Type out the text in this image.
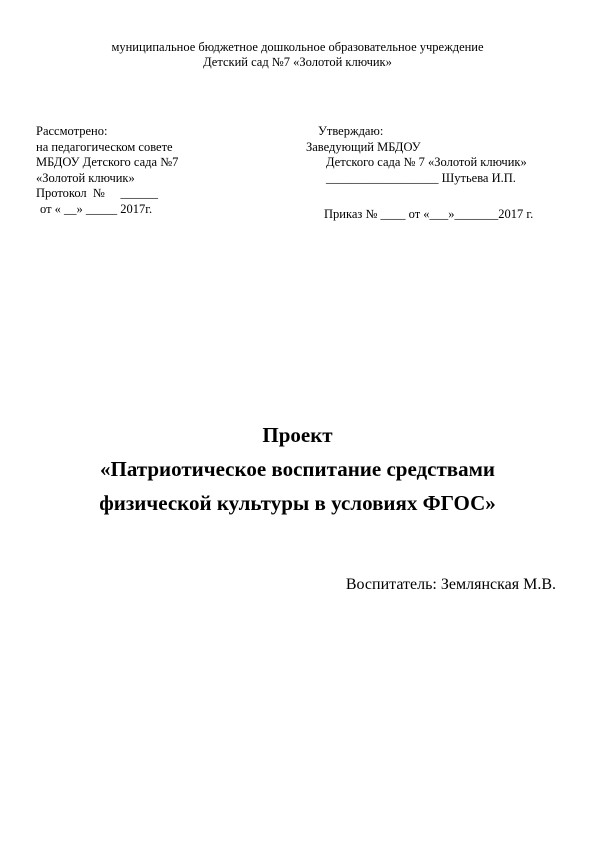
муниципальное бюджетное дошкольное образовательное учреждение
Детский сад №7 «Золотой ключик»
Рассмотрено:
на педагогическом совете
МБДОУ Детского сада №7
«Золотой ключик»
Протокол  №     ______
от « __» _____ 2017г.
Утверждаю:
Заведующий МБДОУ
Детского сада № 7 «Золотой ключик»
__________________ Шутьева И.П.
Приказ № ____ от «___»_______2017 г.
Проект
«Патриотическое воспитание средствами
физической культуры в условиях ФГОС»
Воспитатель: Землянская М.В.
